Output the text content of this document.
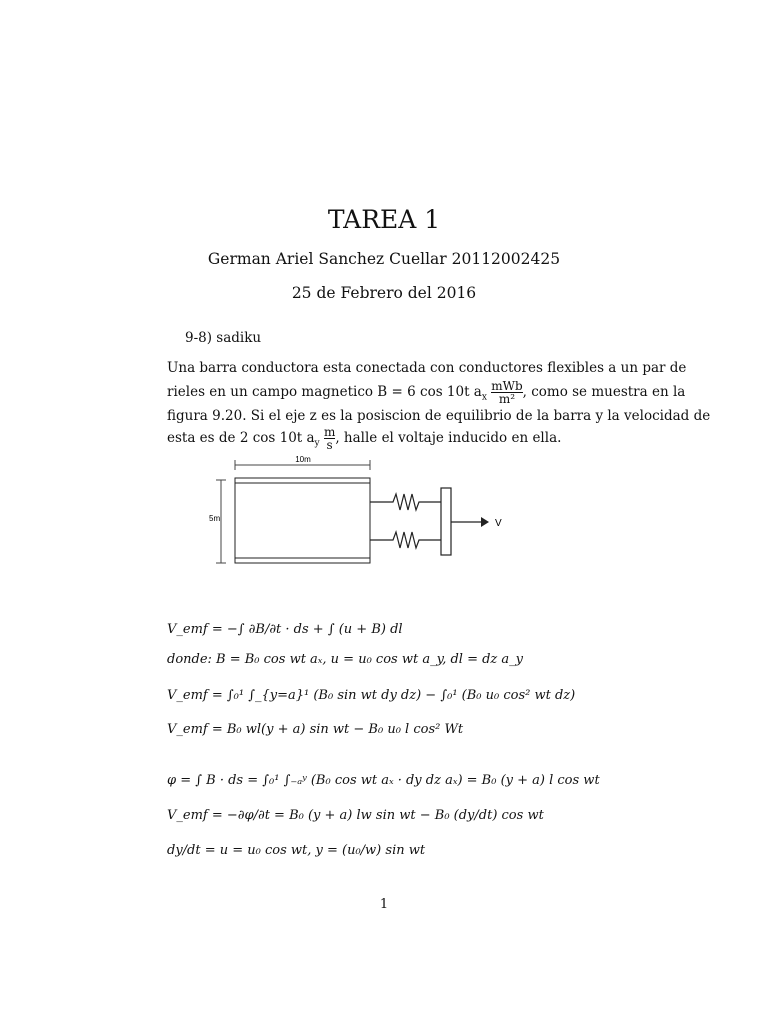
TAREA 1
German Ariel Sanchez Cuellar 20112002425
25 de Febrero del 2016
9-8) sadiku
Una barra conductora esta conectada con conductores flexibles a un par de
rieles en un campo magnetico B = 6 cos 10t $a_x$ mWb
m² , como se muestra en la
figura 9.20. Si el eje z es la posiscion de equilibrio de la barra y la velocidad de
esta es de 2 cos 10t $a_y \frac{m}{s}$ , halle el voltaje inducido en ella.
10m
5m	V
V_emf = −∫ ∂B/∂t · ds + ∫ (u + B) dl
donde: B = B₀ cos wt aₓ, u = u₀ cos wt a_y, dl = dz a_y
V_emf = ∫₀¹ ∫_{y=a}¹ (B₀ sin wt dy dz) − ∫₀¹ (B₀ u₀ cos² wt dz)
V_emf = B₀ wl(y + a) sin wt − B₀ u₀ l cos² Wt
φ = ∫ B · ds = ∫₀¹ ∫₋ₐʸ (B₀ cos wt aₓ · dy dz aₓ) = B₀ (y + a) l cos wt
V_emf = −∂φ/∂t = B₀ (y + a) lw sin wt − B₀ (dy/dt) cos wt
dy/dt = u = u₀ cos wt, y = (u₀/w) sin wt
1
